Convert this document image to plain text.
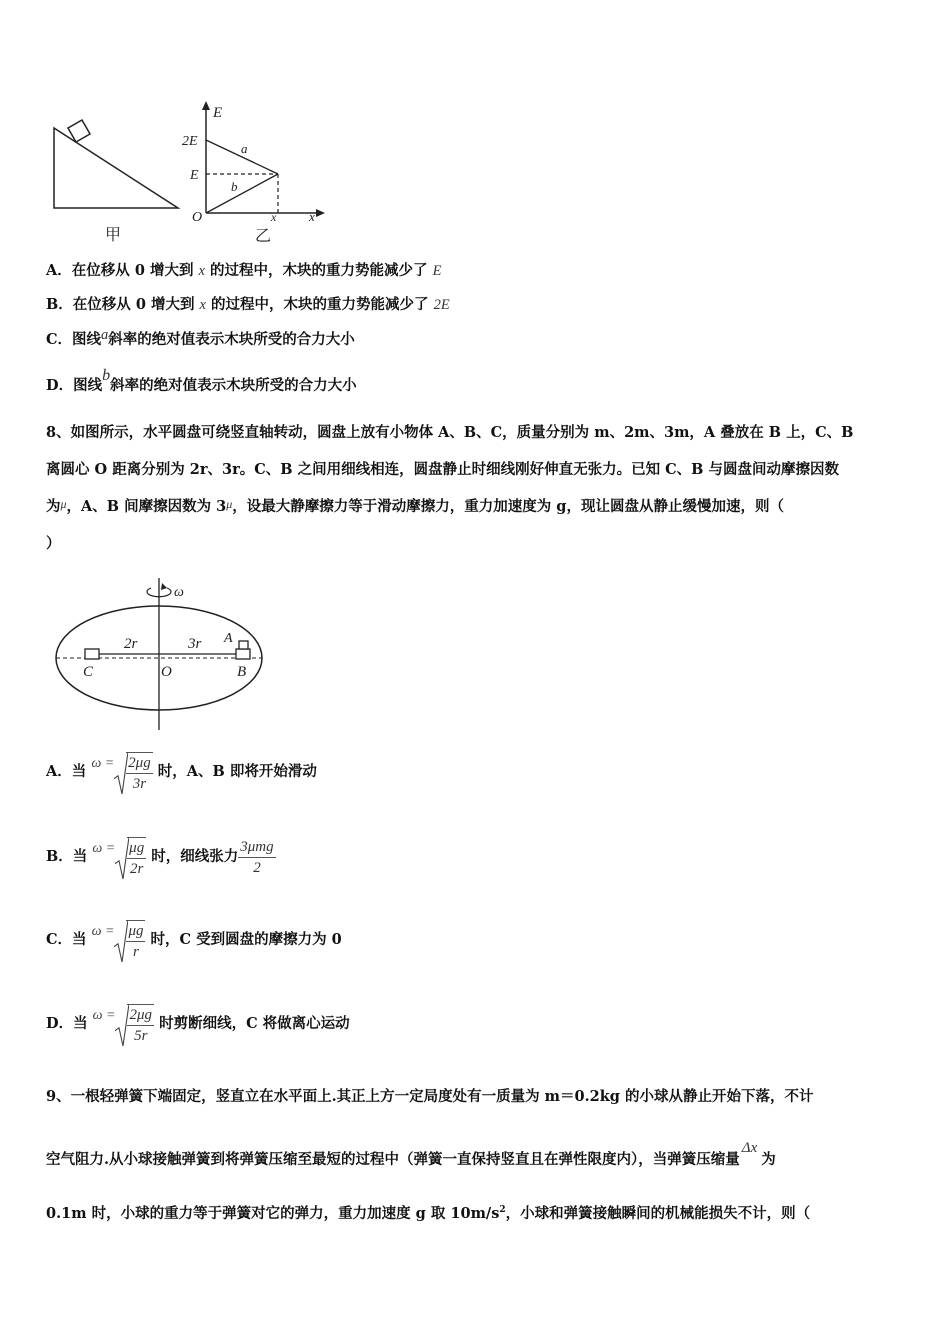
甲
E
x
O
2E
E
x
a
b
乙
A．在位移从 0 增大到 x 的过程中，木块的重力势能减少了 E
B．在位移从 0 增大到 x 的过程中，木块的重力势能减少了 2E
C．图线a斜率的绝对值表示木块所受的合力大小
D．图线b斜率的绝对值表示木块所受的合力大小
8、如图所示，水平圆盘可绕竖直轴转动，圆盘上放有小物体 A、B、C，质量分别为 m、2m、3m，A 叠放在 B 上，C、B
离圆心 O 距离分别为 2r、3r。C、B 之间用细线相连，圆盘静止时细线刚好伸直无张力。已知 C、B 与圆盘间动摩擦因数
为$^\mu$，A、B 间摩擦因数为 $3^\mu$，设最大静摩擦力等于滑动摩擦力，重力加速度为 g，现让圆盘从静止缓慢加速，则（
）
ω
2r	3r A
C	O	B
A．当 $\omega = \frac{2\mu g}{3r}$ 时，A、B 即将开始滑动
B．当 $\omega = \frac{\mu g}{2r}$ 时，细线张力 $\frac{\text{3μmg}}{2}$
C．当 $\omega = \frac{\mu g}{r}$ 时，C 受到圆盘的摩擦力为 0
D．当 $\omega = \frac{2\mu g}{5r}$ 时剪断细线，C 将做离心运动
9、一根轻弹簧下端固定，竖直立在水平面上.其正上方一定局度处有一质量为 m＝0.2kg 的小球从静止开始下落，不计
空气阻力.从小球接触弹簧到将弹簧压缩至最短的过程中（弹簧一直保持竖直且在弹性限度内），当弹簧压缩量Δx为
0.1m 时，小球的重力等于弹簧对它的弹力，重力加速度 g 取 $10m/s^2$，小球和弹簧接触瞬间的机械能损失不计，则（
